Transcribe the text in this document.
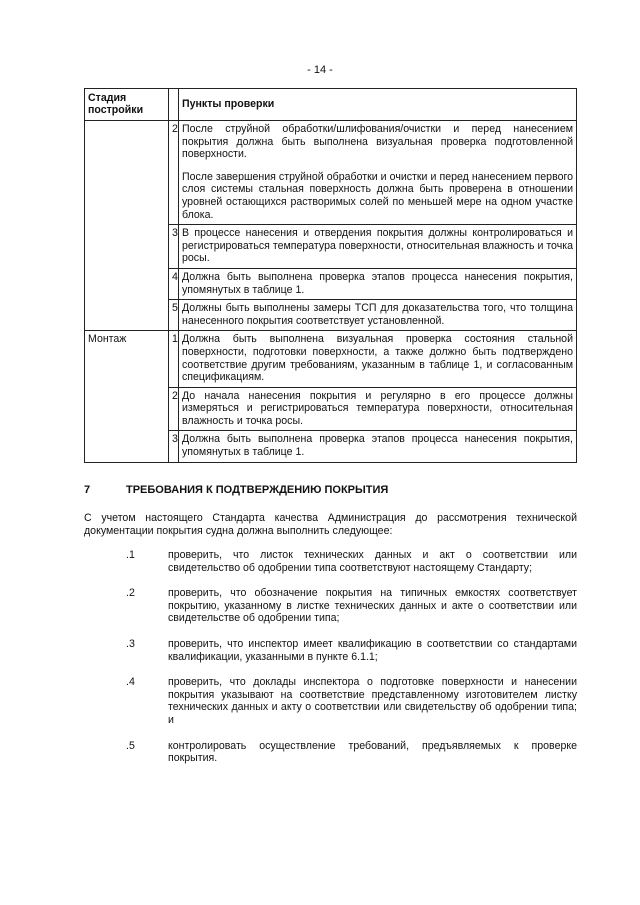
- 14 -
Стадия постройки		Пункты проверки
	2	После струйной обработки/шлифования/очистки и перед нанесением покрытия должна быть выполнена визуальная проверка подготовленной поверхности.

После завершения струйной обработки и очистки и перед нанесением первого слоя системы стальная поверхность должна быть проверена в отношении уровней остающихся растворимых солей по меньшей мере на одном участке блока.

	3	В процессе нанесения и отвердения покрытия должны контролироваться и регистрироваться температура поверхности, относительная влажность и точка росы.

	4	Должна быть выполнена проверка этапов процесса нанесения покрытия, упомянутых в таблице 1.

	5	Должны быть выполнены замеры ТСП для доказательства того, что толщина нанесенного покрытия соответствует установленной.

Монтаж	1	Должна быть выполнена визуальная проверка состояния стальной поверхности, подготовки поверхности, а также должно быть подтверждено соответствие другим требованиям, указанным в таблице 1, и согласованным спецификациям.

	2	До начала нанесения покрытия и регулярно в его процессе должны измеряться и регистрироваться температура поверхности, относительная влажность и точка росы.

	3	Должна быть выполнена проверка этапов процесса нанесения покрытия, упомянутых в таблице 1.

7	ТРЕБОВАНИЯ К ПОДТВЕРЖДЕНИЮ ПОКРЫТИЯ
С учетом настоящего Стандарта качества Администрация до рассмотрения технической документации покрытия судна должна выполнить следующее:
.1	проверить, что листок технических данных и акт о соответствии или свидетельство об одобрении типа соответствуют настоящему Стандарту;
.2	проверить, что обозначение покрытия на типичных емкостях соответствует покрытию, указанному в листке технических данных и акте о соответствии или свидетельстве об одобрении типа;
.3	проверить, что инспектор имеет квалификацию в соответствии со стандартами квалификации, указанными в пункте 6.1.1;
.4	проверить, что доклады инспектора о подготовке поверхности и нанесении покрытия указывают на соответствие представленному изготовителем листку технических данных и акту о соответствии или свидетельству об одобрении типа; и
.5	контролировать осуществление требований, предъявляемых к проверке покрытия.
